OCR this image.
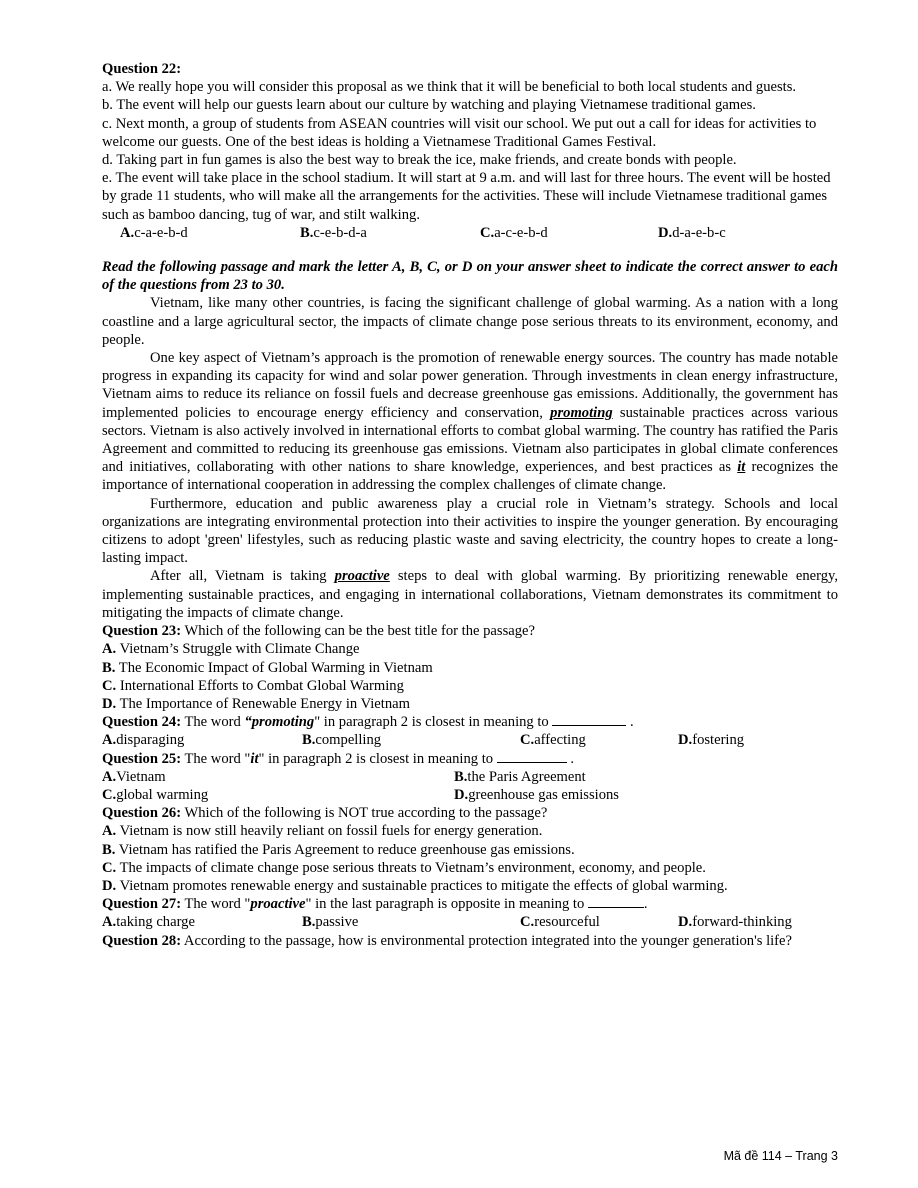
Question 22:

a. We really hope you will consider this proposal as we think that it will be beneficial to both local students and guests.

b. The event will help our guests learn about our culture by watching and playing Vietnamese traditional games.

c. Next month, a group of students from ASEAN countries will visit our school. We put out a call for ideas for activities to welcome our guests. One of the best ideas is holding a Vietnamese Traditional Games Festival.

d. Taking part in fun games is also the best way to break the ice, make friends, and create bonds with people.

e. The event will take place in the school stadium. It will start at 9 a.m. and will last for three hours. The event will be hosted by grade 11 students, who will make all the arrangements for the activities. These will include Vietnamese traditional games such as bamboo dancing, tug of war, and stilt walking.

A.c-a-e-b-d	B.c-e-b-d-a	C.a-c-e-b-d	D.d-a-e-b-c

Read the following passage and mark the letter A, B, C, or D on your answer sheet to indicate the correct answer to each of the questions from 23 to 30.

Vietnam, like many other countries, is facing the significant challenge of global warming. As a nation with a long coastline and a large agricultural sector, the impacts of climate change pose serious threats to its environment, economy, and people.

One key aspect of Vietnam’s approach is the promotion of renewable energy sources. The country has made notable progress in expanding its capacity for wind and solar power generation. Through investments in clean energy infrastructure, Vietnam aims to reduce its reliance on fossil fuels and decrease greenhouse gas emissions. Additionally, the government has implemented policies to encourage energy efficiency and conservation, promoting sustainable practices across various sectors. Vietnam is also actively involved in international efforts to combat global warming. The country has ratified the Paris Agreement and committed to reducing its greenhouse gas emissions. Vietnam also participates in global climate conferences and initiatives, collaborating with other nations to share knowledge, experiences, and best practices as it recognizes the importance of international cooperation in addressing the complex challenges of climate change.

Furthermore, education and public awareness play a crucial role in Vietnam’s strategy. Schools and local organizations are integrating environmental protection into their activities to inspire the younger generation. By encouraging citizens to adopt 'green' lifestyles, such as reducing plastic waste and saving electricity, the country hopes to create a long-lasting impact.

After all, Vietnam is taking proactive steps to deal with global warming. By prioritizing renewable energy, implementing sustainable practices, and engaging in international collaborations, Vietnam demonstrates its commitment to mitigating the impacts of climate change.

Question 23: Which of the following can be the best title for the passage?

A. Vietnam’s Struggle with Climate Change

B. The Economic Impact of Global Warming in Vietnam

C. International Efforts to Combat Global Warming

D. The Importance of Renewable Energy in Vietnam

Question 24: The word “promoting" in paragraph 2 is closest in meaning to	.

A.disparaging	B.compelling	C.affecting	D.fostering

Question 25: The word "it" in paragraph 2 is closest in meaning to	.

A.Vietnam	B.the Paris Agreement
C.global warming	D.greenhouse gas emissions

Question 26: Which of the following is NOT true according to the passage?

A. Vietnam is now still heavily reliant on fossil fuels for energy generation.

B. Vietnam has ratified the Paris Agreement to reduce greenhouse gas emissions.

C. The impacts of climate change pose serious threats to Vietnam’s environment, economy, and people.

D. Vietnam promotes renewable energy and sustainable practices to mitigate the effects of global warming.

Question 27: The word "proactive" in the last paragraph is opposite in meaning to	.

A.taking charge	B.passive	C.resourceful	D.forward-thinking

Question 28: According to the passage, how is environmental protection integrated into the younger generation's life?

Mã đề 114 – Trang 3
